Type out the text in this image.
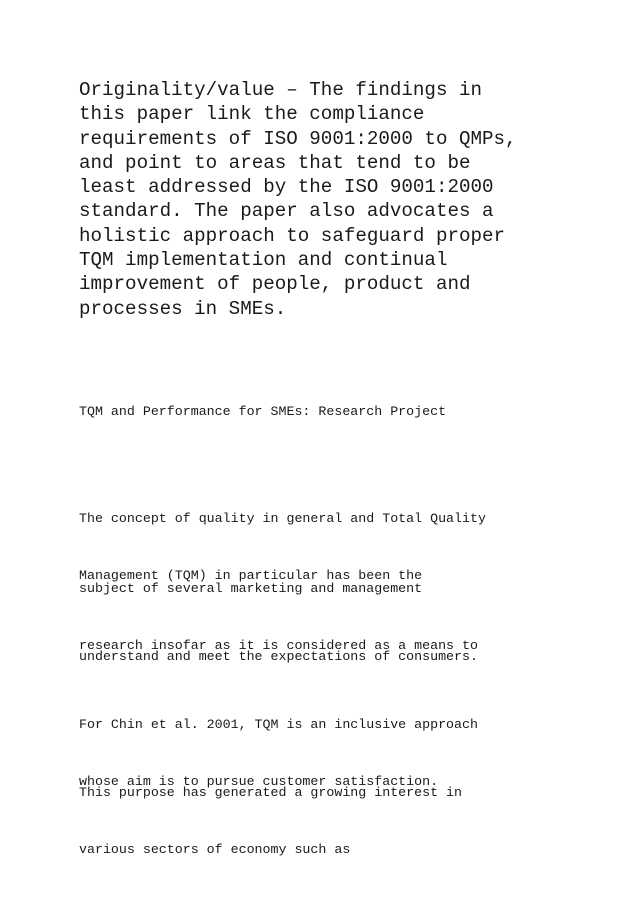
Originality/value – The findings in
this paper link the compliance
requirements of ISO 9001:2000 to QMPs,
and point to areas that tend to be
least addressed by the ISO 9001:2000
standard. The paper also advocates a
holistic approach to safeguard proper
TQM implementation and continual
improvement of people, product and
processes in SMEs.

TQM and Performance for SMEs: Research Project

The concept of quality in general and Total Quality

Management (TQM) in particular has been the

subject of several marketing and management

research insofar as it is considered as a means to

understand and meet the expectations of consumers.

For Chin et al. 2001, TQM is an inclusive approach

whose aim is to pursue customer satisfaction.

This purpose has generated a growing interest in

various sectors of economy such as
